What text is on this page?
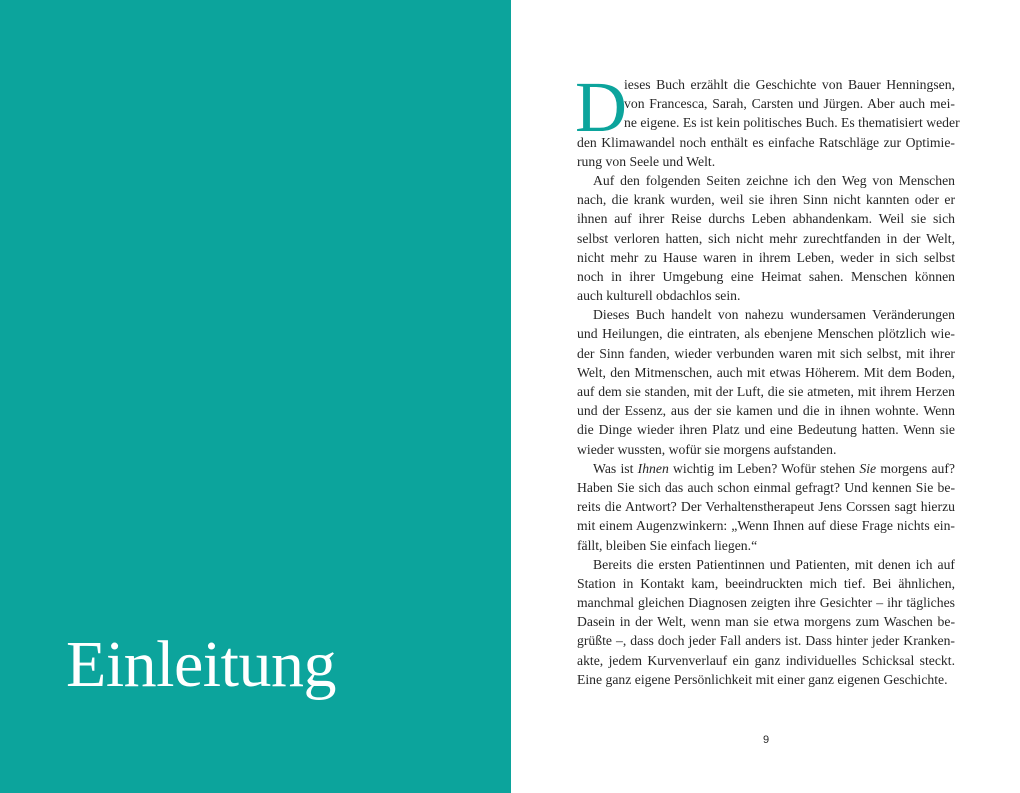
Einleitung
D
ieses Buch erzählt die Geschichte von Bauer Henningsen,
von Francesca, Sarah, Carsten und Jürgen. Aber auch mei-
ne eigene. Es ist kein politisches Buch. Es thematisiert weder
den Klimawandel noch enthält es einfache Ratschläge zur Optimie-
rung von Seele und Welt.
Auf den folgenden Seiten zeichne ich den Weg von Menschen
nach, die krank wurden, weil sie ihren Sinn nicht kannten oder er
ihnen auf ihrer Reise durchs Leben abhandenkam. Weil sie sich
selbst verloren hatten, sich nicht mehr zurechtfanden in der Welt,
nicht mehr zu Hause waren in ihrem Leben, weder in sich selbst
noch in ihrer Umgebung eine Heimat sahen. Menschen können
auch kulturell obdachlos sein.
Dieses Buch handelt von nahezu wundersamen Veränderungen
und Heilungen, die eintraten, als ebenjene Menschen plötzlich wie-
der Sinn fanden, wieder verbunden waren mit sich selbst, mit ihrer
Welt, den Mitmenschen, auch mit etwas Höherem. Mit dem Boden,
auf dem sie standen, mit der Luft, die sie atmeten, mit ihrem Herzen
und der Essenz, aus der sie kamen und die in ihnen wohnte. Wenn
die Dinge wieder ihren Platz und eine Bedeutung hatten. Wenn sie
wieder wussten, wofür sie morgens aufstanden.
Was ist Ihnen wichtig im Leben? Wofür stehen Sie morgens auf?
Haben Sie sich das auch schon einmal gefragt? Und kennen Sie be-
reits die Antwort? Der Verhaltenstherapeut Jens Corssen sagt hierzu
mit einem Augenzwinkern: „Wenn Ihnen auf diese Frage nichts ein-
fällt, bleiben Sie einfach liegen.“
Bereits die ersten Patientinnen und Patienten, mit denen ich auf
Station in Kontakt kam, beeindruckten mich tief. Bei ähnlichen,
manchmal gleichen Diagnosen zeigten ihre Gesichter – ihr tägliches
Dasein in der Welt, wenn man sie etwa morgens zum Waschen be-
grüßte –, dass doch jeder Fall anders ist. Dass hinter jeder Kranken-
akte, jedem Kurvenverlauf ein ganz individuelles Schicksal steckt.
Eine ganz eigene Persönlichkeit mit einer ganz eigenen Geschichte.
9
